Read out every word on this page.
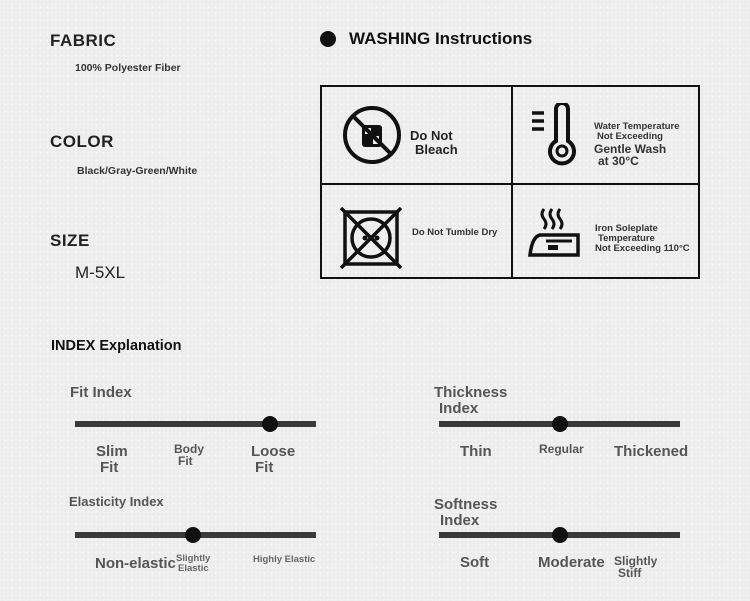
FABRIC
100% Polyester Fiber
COLOR
Black/Gray-Green/White
SIZE
M-5XL
WASHING Instructions
Do Not
Bleach
Water Temperature
Not Exceeding
Gentle Wash
at 30°C
Do Not Tumble Dry	Iron Soleplate
Temperature
Not Exceeding 110°C
INDEX Explanation
Fit Index
Slim
Fit
Body
Fit
Loose
Fit
Thickness
Index
Thin	Regular Thickened
Elasticity Index
Non-elastic Slightly
Elastic
Highly Elastic
Softness
Index
Soft	Moderate Slightly
Stiff
